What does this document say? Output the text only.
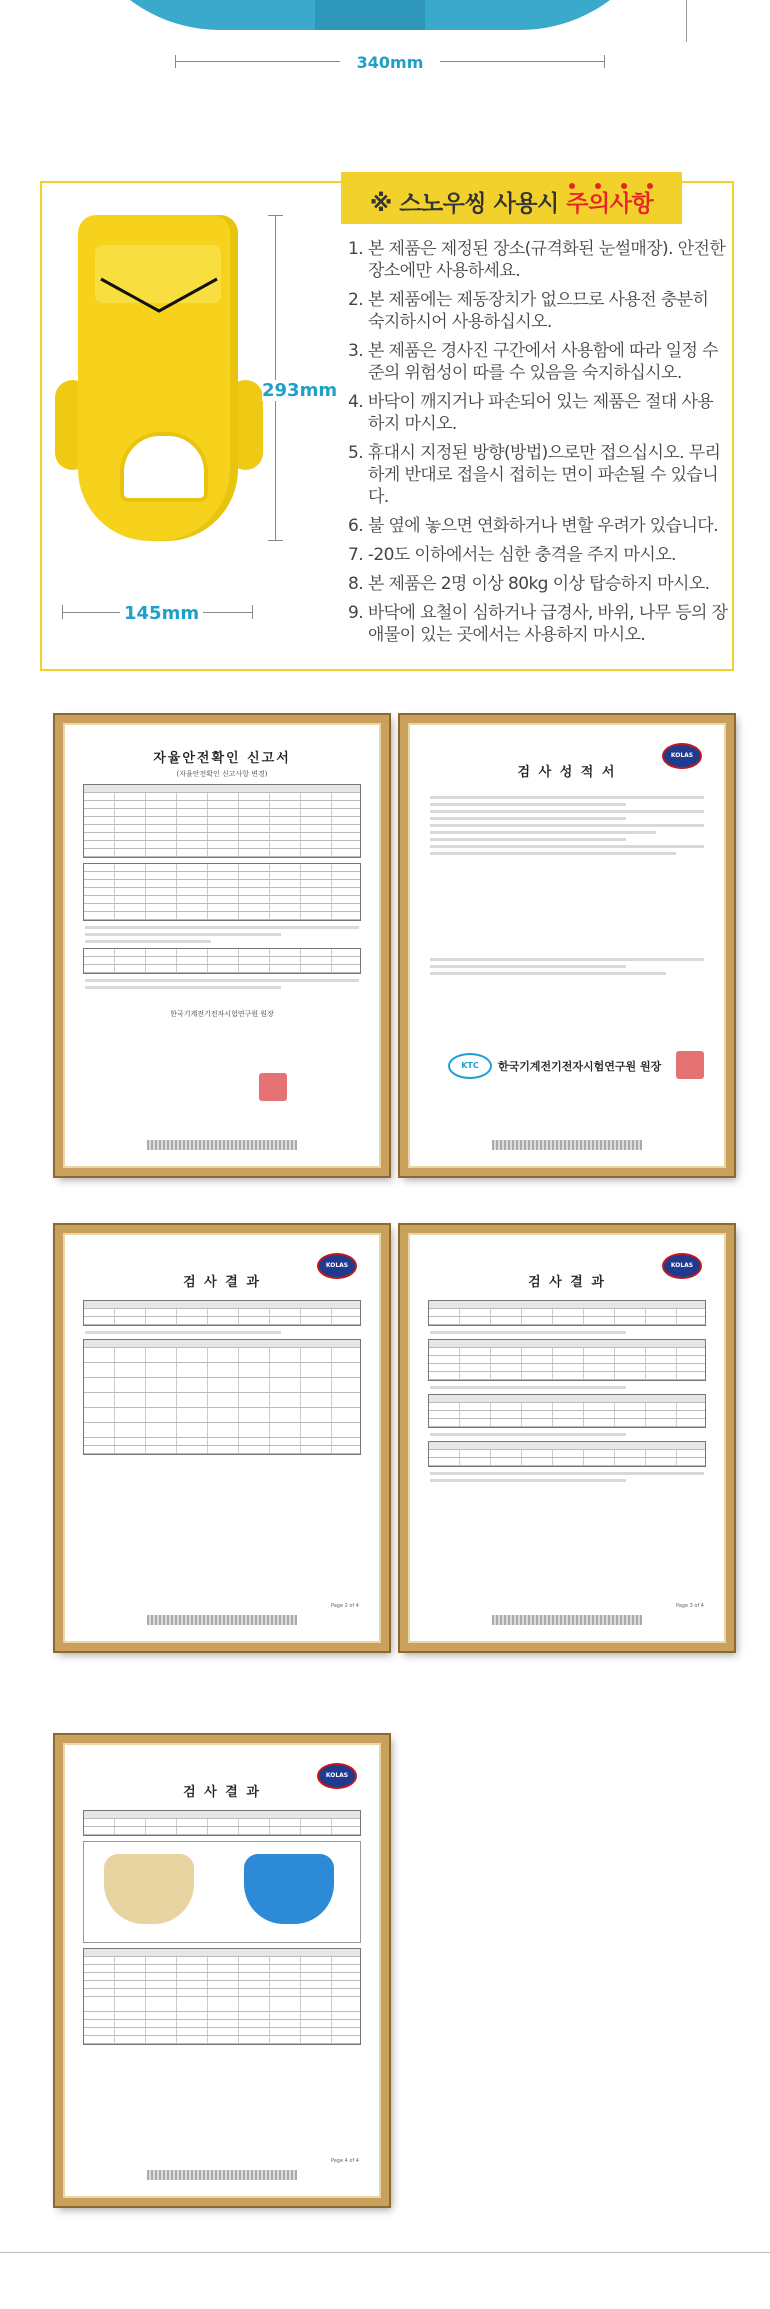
340mm
※ 스노우씽 사용시
주의사항
293mm
145mm
1. 본 제품은 제정된 장소(규격화된 눈썰매장). 안전한 장소에만 사용하세요.
2. 본 제품에는 제동장치가 없으므로 사용전 충분히 숙지하시어 사용하십시오.
3. 본 제품은 경사진 구간에서 사용함에 따라 일정 수준의 위험성이 따를 수 있음을 숙지하십시오.
4. 바닥이 깨지거나 파손되어 있는 제품은 절대 사용하지 마시오.
5. 휴대시 지정된 방향(방법)으로만 접으십시오. 무리하게 반대로 접을시 접히는 면이 파손될 수 있습니다.
6. 불 옆에 놓으면 연화하거나 변할 우려가 있습니다.
7. -20도 이하에서는 심한 충격을 주지 마시오.
8. 본 제품은 2명 이상 80kg 이상 탑승하지 마시오.
9. 바닥에 요철이 심하거나 급경사, 바위, 나무 등의 장애물이 있는 곳에서는 사용하지 마시오.
자율안전확인 신고서
(자율안전확인 신고사항 변경)
한국기계전기전자시험연구원 원장
KOLAS
검 사 성 적 서
KTC	한국기계전기전자시험연구원 원장
KOLAS
검 사 결 과
Page 2 of 4
KOLAS
검 사 결 과
Page 3 of 4
KOLAS
검 사 결 과
Page 4 of 4
